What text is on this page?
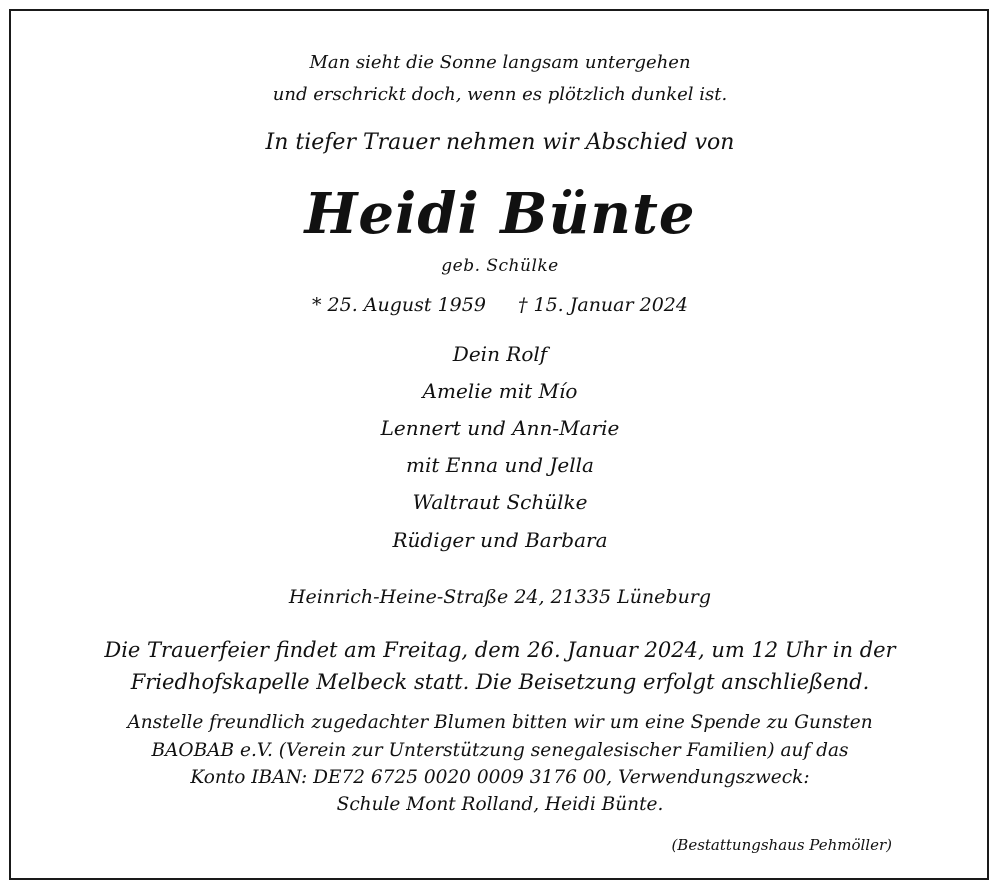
Man sieht die Sonne langsam untergehen
und erschrickt doch, wenn es plötzlich dunkel ist.
In tiefer Trauer nehmen wir Abschied von
Heidi Bünte
geb. Schülke
* 25. August 1959 † 15. Januar 2024
Dein Rolf
Amelie mit Mío
Lennert und Ann-Marie
mit Enna und Jella
Waltraut Schülke
Rüdiger und Barbara
Heinrich-Heine-Straße 24, 21335 Lüneburg
Die Trauerfeier findet am Freitag, dem 26. Januar 2024, um 12 Uhr in der
Friedhofskapelle Melbeck statt. Die Beisetzung erfolgt anschließend.
Anstelle freundlich zugedachter Blumen bitten wir um eine Spende zu Gunsten
BAOBAB e.V. (Verein zur Unterstützung senegalesischer Familien) auf das
Konto IBAN: DE72 6725 0020 0009 3176 00, Verwendungszweck:
Schule Mont Rolland, Heidi Bünte.
(Bestattungshaus Pehmöller)
